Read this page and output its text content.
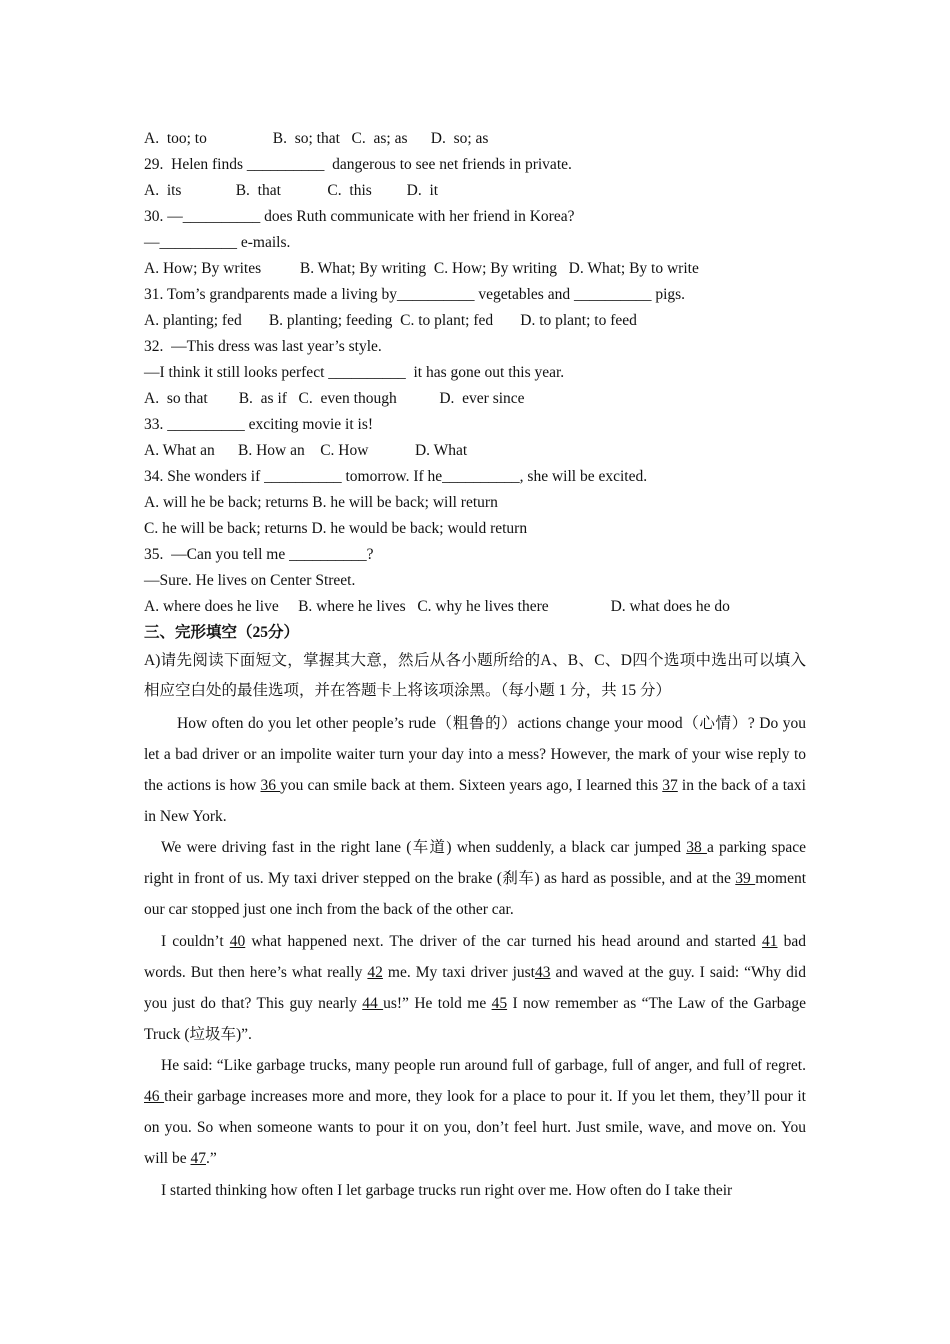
A.  too; to                 B.  so; that   C.  as; as      D.  so; as
29.  Helen finds __________  dangerous to see net friends in private.
A.  its              B.  that            C.  this         D.  it
30. —__________ does Ruth communicate with her friend in Korea?
—__________ e-mails.
A. How; By writes          B. What; By writing  C. How; By writing   D. What; By to write
31. Tom’s grandparents made a living by__________ vegetables and __________ pigs.
A. planting; fed       B. planting; feeding  C. to plant; fed       D. to plant; to feed
32.  —This dress was last year’s style.
—I think it still looks perfect __________  it has gone out this year.
A.  so that        B.  as if   C.  even though           D.  ever since
33. __________ exciting movie it is!
A. What an      B. How an    C. How            D. What
34. She wonders if __________ tomorrow. If he__________, she will be excited.
A. will he be back; returns B. he will be back; will return
C. he will be back; returns D. he would be back; would return
35.  —Can you tell me __________?
—Sure. He lives on Center Street.
A. where does he live     B. where he lives   C. why he lives there                D. what does he do
三、完形填空（25分）

A)请先阅读下面短文，掌握其大意，然后从各小题所给的A、B、C、D四个选项中选出可以填入相应空白处的最佳选项，并在答题卡上将该项涂黑。（每小题 1 分，共 15 分）

How often do you let other people’s rude（粗鲁的）actions change your mood（心情）? Do you let a bad driver or an impolite waiter turn your day into a mess? However, the mark of your wise reply to the actions is how 36 you can smile back at them. Sixteen years ago, I learned this 37 in the back of a taxi in New York.

We were driving fast in the right lane (车道) when suddenly, a black car jumped 38 a parking space right in front of us. My taxi driver stepped on the brake (刹车) as hard as possible, and at the 39 moment our car stopped just one inch from the back of the other car.

I couldn’t 40 what happened next. The driver of the car turned his head around and started 41 bad words. But then here’s what really 42 me. My taxi driver just43 and waved at the guy. I said: “Why did you just do that? This guy nearly 44 us!” He told me 45 I now remember as “The Law of the Garbage Truck (垃圾车)”.

He said: “Like garbage trucks, many people run around full of garbage, full of anger, and full of regret. 46 their garbage increases more and more, they look for a place to pour it. If you let them, they’ll pour it on you. So when someone wants to pour it on you, don’t feel hurt. Just smile, wave, and move on. You will be 47.”

I started thinking how often I let garbage trucks run right over me. How often do I take their
